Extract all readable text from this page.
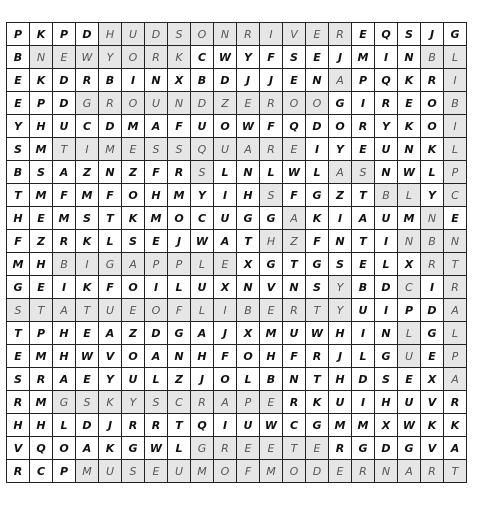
P	K	P	D	H	U	D	S	O	N	R	I	V	E	R	E	Q	S	J	G
B	N	E	W	Y	O	R	K	C	W	Y	F	S	E	J	M	I	N	B	L
E	K	D	R	B	I	N	X	B	D	J	J	E	N	A	P	Q	K	R	I
E	P	D	G	R	O	U	N	D	Z	E	R	O	O	G	I	R	E	O	B
Y	H	U	C	D	M	A	F	U	O	W	F	Q	D	O	R	Y	K	O	I
S	M	T	I	M	E	S	S	Q	U	A	R	E	I	Y	E	U	N	K	L
B	S	A	Z	N	Z	F	R	S	L	N	L	W	L	A	S	N	W	L	P
T	M	F	M	F	O	H	M	Y	I	H	S	F	G	Z	T	B	L	Y	C
H	E	M	S	T	K	M	O	C	U	G	G	A	K	I	A	U	M	N	E
F	Z	R	K	L	S	E	J	W	A	T	H	Z	F	N	T	I	N	B	N
M	H	B	I	G	A	P	P	L	E	X	G	T	G	S	E	L	X	R	T
G	E	I	K	F	O	I	L	U	X	N	V	N	S	Y	B	D	C	I	R
S	T	A	T	U	E	O	F	L	I	B	E	R	T	Y	U	I	P	D	A
T	P	H	E	A	Z	D	G	A	J	X	M	U	W	H	I	N	L	G	L
E	M	H	W	V	O	A	N	H	F	O	H	F	R	J	L	G	U	E	P
S	R	A	E	Y	U	L	Z	J	O	L	B	N	T	H	D	S	E	X	A
R	M	G	S	K	Y	S	C	R	A	P	E	R	K	U	I	H	U	V	R
H	H	L	D	J	R	R	T	Q	I	U	W	C	G	M	M	X	W	K	K
V	Q	O	A	K	G	W	L	G	R	E	E	T	E	R	G	D	G	V	A
R	C	P	M	U	S	E	U	M	O	F	M	O	D	E	R	N	A	R	T
